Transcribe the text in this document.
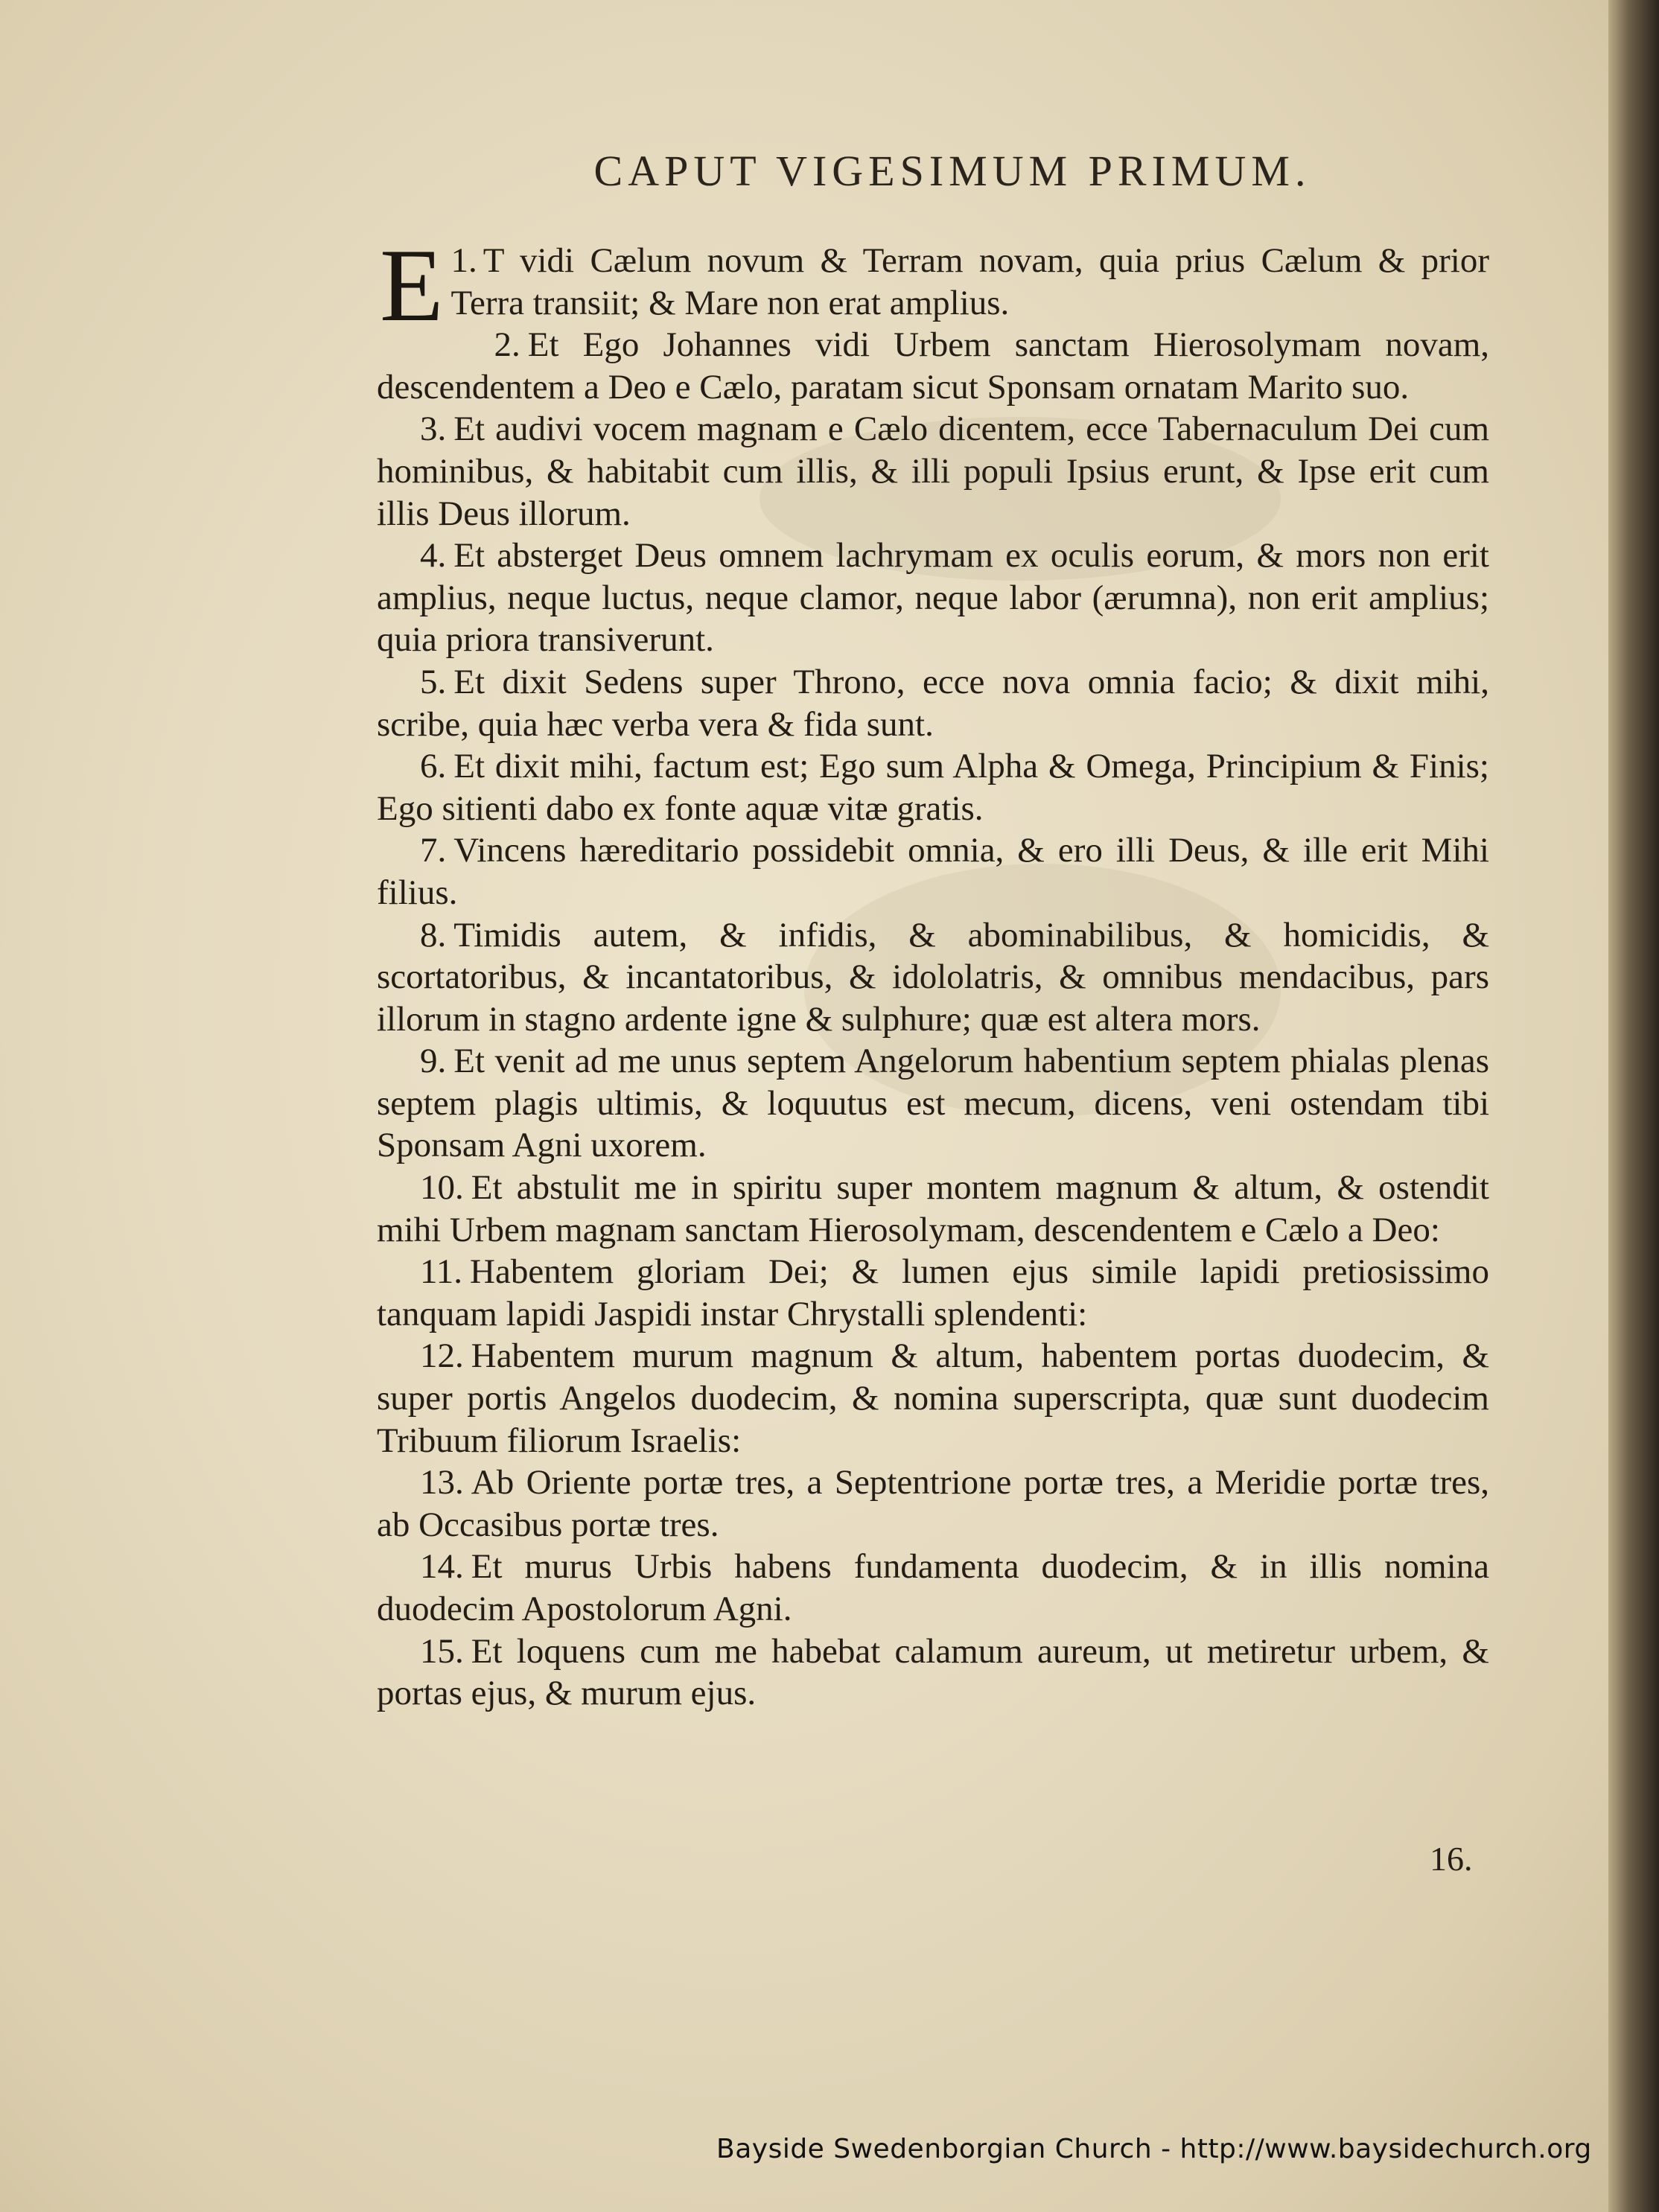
CAPUT VIGESIMUM PRIMUM.

1.
E T vidi Cælum novum & Terram novam, quia prius Cælum & prior Terra transiit; & Mare non erat amplius.

2. Et Ego Johannes vidi Urbem sanctam Hierosolymam novam, descendentem a Deo e Cælo, paratam sicut Sponsam ornatam Marito suo.

3. Et audivi vocem magnam e Cælo dicentem, ecce Tabernaculum Dei cum hominibus, & habitabit cum illis, & illi populi Ipsius erunt, & Ipse erit cum illis Deus illorum.

4. Et absterget Deus omnem lachrymam ex oculis eorum, & mors non erit amplius, neque luctus, neque clamor, neque labor (ærumna), non erit amplius; quia priora transiverunt.

5. Et dixit Sedens super Throno, ecce nova omnia facio; & dixit mihi, scribe, quia hæc verba vera & fida sunt.

6. Et dixit mihi, factum est; Ego sum Alpha & Omega, Principium & Finis; Ego sitienti dabo ex fonte aquæ vitæ gratis.

7. Vincens hæreditario possidebit omnia, & ero illi Deus, & ille erit Mihi filius.

8. Timidis autem, & infidis, & abominabilibus, & homicidis, & scortatoribus, & incantatoribus, & idololatris, & omnibus mendacibus, pars illorum in stagno ardente igne & sulphure; quæ est altera mors.

9. Et venit ad me unus septem Angelorum habentium septem phialas plenas septem plagis ultimis, & loquutus est mecum, dicens, veni ostendam tibi Sponsam Agni uxorem.

10. Et abstulit me in spiritu super montem magnum & altum, & ostendit mihi Urbem magnam sanctam Hierosolymam, descendentem e Cælo a Deo:

11. Habentem gloriam Dei; & lumen ejus simile lapidi pretiosissimo tanquam lapidi Jaspidi instar Chrystalli splendenti:

12. Habentem murum magnum & altum, habentem portas duodecim, & super portis Angelos duodecim, & nomina superscripta, quæ sunt duodecim Tribuum filiorum Israelis:

13. Ab Oriente portæ tres, a Septentrione portæ tres, a Meridie portæ tres, ab Occasibus portæ tres.

14. Et murus Urbis habens fundamenta duodecim, & in illis nomina duodecim Apostolorum Agni.

15. Et loquens cum me habebat calamum aureum, ut metiretur urbem, & portas ejus, & murum ejus.

16.
Bayside Swedenborgian Church - http://www.baysidechurch.org
